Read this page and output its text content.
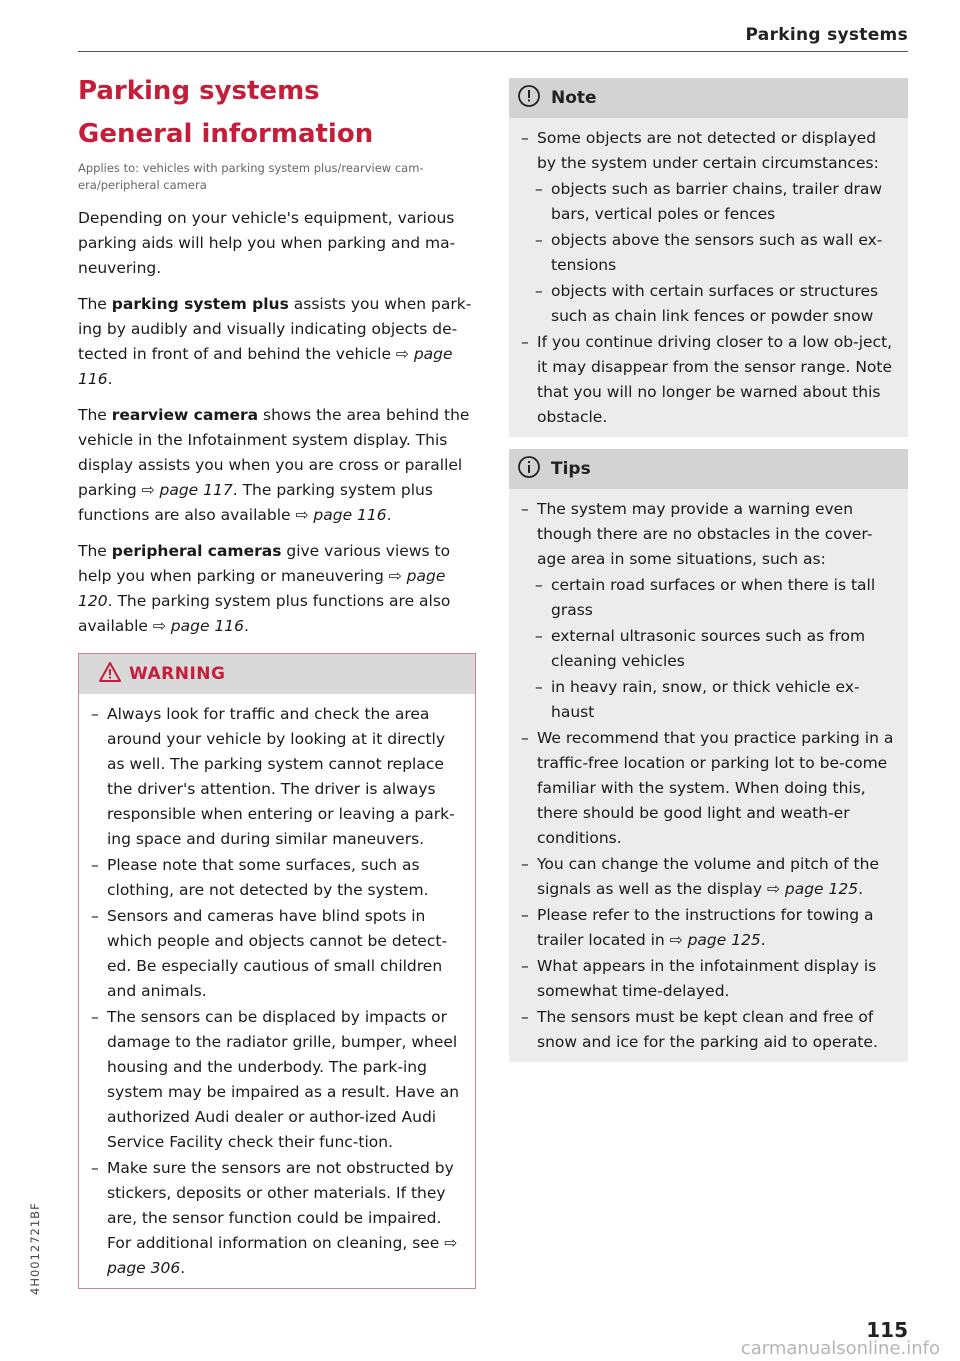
Parking systems
Parking systems
General information
Applies to: vehicles with parking system plus/rearview cam-era/peripheral camera

Depending on your vehicle's equipment, various parking aids will help you when parking and ma-neuvering.

The parking system plus assists you when park-ing by audibly and visually indicating objects de-tected in front of and behind the vehicle ⇨ page 116.

The rearview camera shows the area behind the vehicle in the Infotainment system display. This display assists you when you are cross or parallel parking ⇨ page 117. The parking system plus functions are also available ⇨ page 116.

The peripheral cameras give various views to help you when parking or maneuvering ⇨ page 120. The parking system plus functions are also available ⇨ page 116.

WARNING
– Always look for traffic and check the area around your vehicle by looking at it directly as well. The parking system cannot replace the driver's attention. The driver is always responsible when entering or leaving a park-ing space and during similar maneuvers.
– Please note that some surfaces, such as clothing, are not detected by the system.
– Sensors and cameras have blind spots in which people and objects cannot be detect-ed. Be especially cautious of small children and animals.
– The sensors can be displaced by impacts or damage to the radiator grille, bumper, wheel housing and the underbody. The park-ing system may be impaired as a result. Have an authorized Audi dealer or author-ized Audi Service Facility check their func-tion.
– Make sure the sensors are not obstructed by stickers, deposits or other materials. If they are, the sensor function could be impaired. For additional information on cleaning, see ⇨ page 306.
Note
– Some objects are not detected or displayed by the system under certain circumstances:
– objects such as barrier chains, trailer draw bars, vertical poles or fences
– objects above the sensors such as wall ex-tensions
– objects with certain surfaces or structures such as chain link fences or powder snow
– If you continue driving closer to a low ob-ject, it may disappear from the sensor range. Note that you will no longer be warned about this obstacle.
Tips
– The system may provide a warning even though there are no obstacles in the cover-age area in some situations, such as:
– certain road surfaces or when there is tall grass
– external ultrasonic sources such as from cleaning vehicles
– in heavy rain, snow, or thick vehicle ex-haust
– We recommend that you practice parking in a traffic-free location or parking lot to be-come familiar with the system. When doing this, there should be good light and weath-er conditions.
– You can change the volume and pitch of the signals as well as the display ⇨ page 125.
– Please refer to the instructions for towing a trailer located in ⇨ page 125.
– What appears in the infotainment display is somewhat time-delayed.
– The sensors must be kept clean and free of snow and ice for the parking aid to operate.
4H0012721BF
115
carmanualsonline.info
